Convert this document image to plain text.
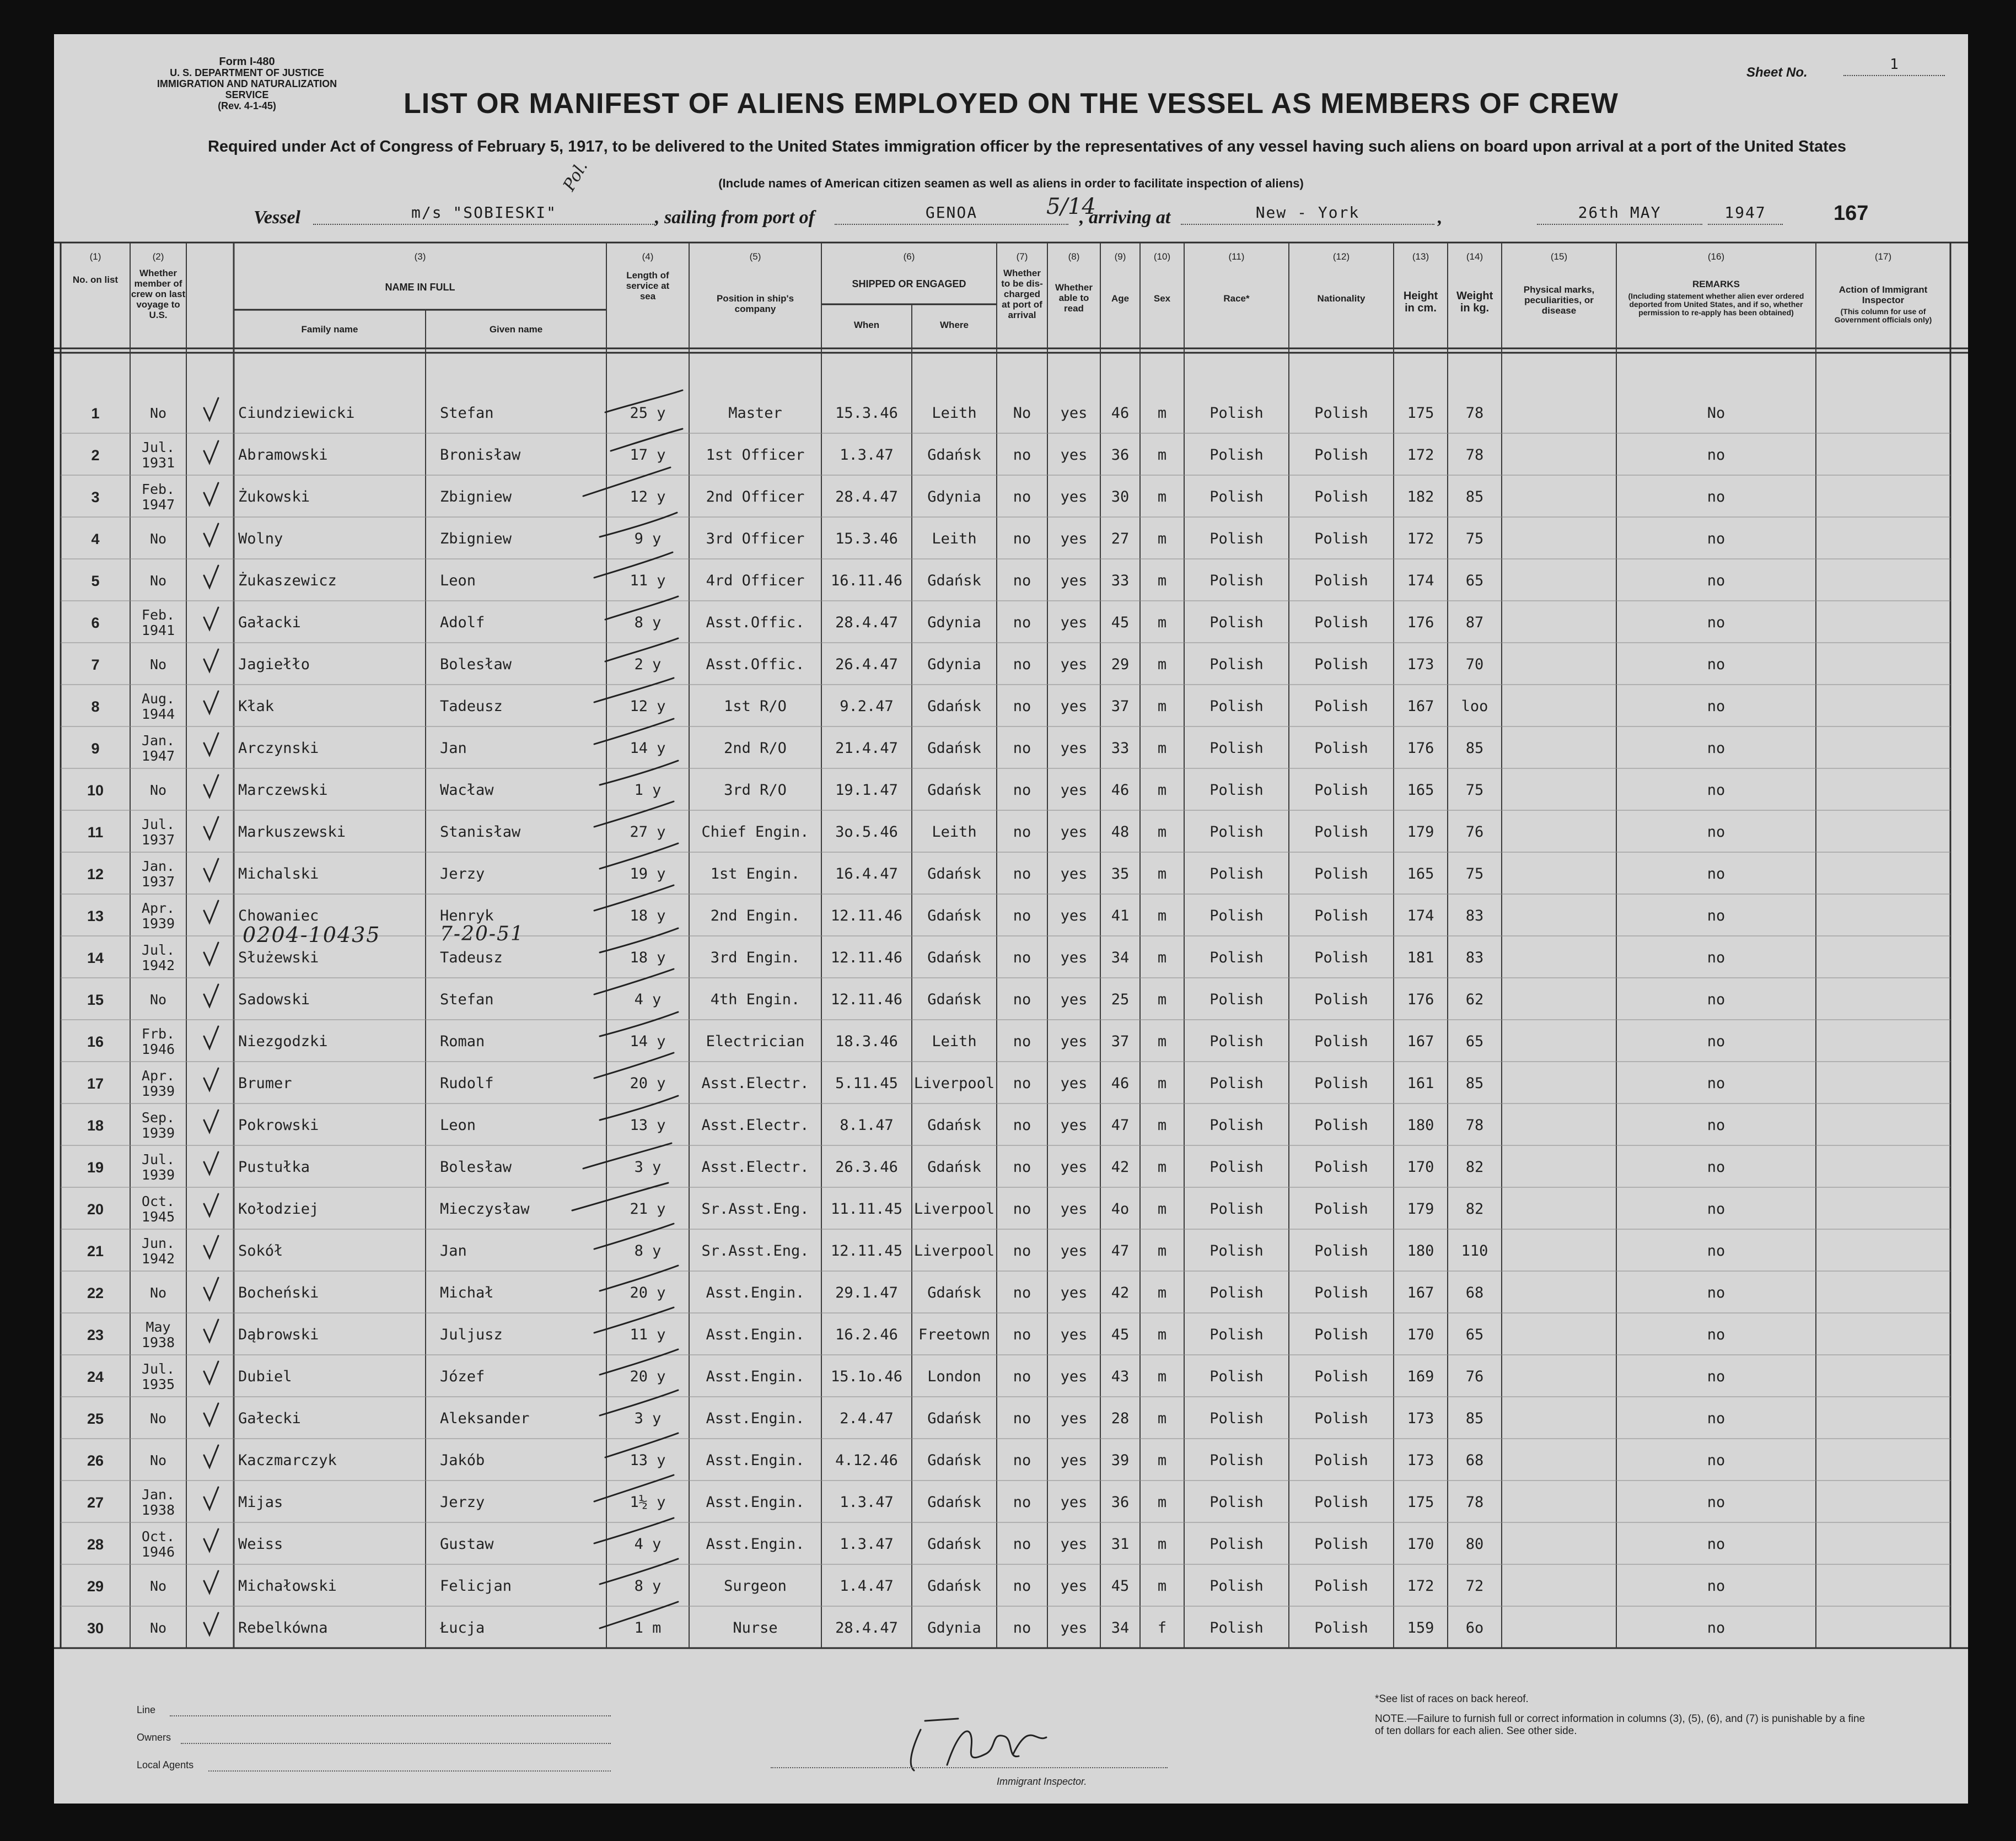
Form I-480
U. S. DEPARTMENT OF JUSTICE
IMMIGRATION AND NATURALIZATION SERVICE
(Rev. 4-1-45)
Sheet No.	1
LIST OR MANIFEST OF ALIENS EMPLOYED ON THE VESSEL AS MEMBERS OF CREW
Required under Act of Congress of February 5, 1917, to be delivered to the United States immigration officer by the representatives of any vessel having such aliens on board upon arrival at a port of the United States
(Include names of American citizen seamen as well as aliens in order to facilitate inspection of aliens)
Vessel	m/s "SOBIESKI"	, sailing from port of	GENOA	, arriving at	New - York	,	26th MAY	1947	167
Pol.
5/14
(1)
No. on list
(2)
Whether member of crew on last voyage to U.S.
(3)
NAME IN FULL
Family name	Given name
(4)
Length of service at sea
(5)
Position in ship's company
(6)
SHIPPED OR ENGAGED
When	Where
(7)
Whether to be dis-charged at port of arrival
(8)
Whether able to read
(9)
Age
(10)
Sex
(11)
Race*
(12)
Nationality
(13)
Height in cm.
(14)
Weight in kg.
(15)
Physical marks, peculiarities, or disease
(16)
REMARKS
(Including statement whether alien ever ordered deported from United States, and if so, whether permission to re-apply has been obtained)
(17)
Action of Immigrant Inspector
(This column for use of Government officials only)
1	No	Ciundziewicki	Stefan	25 y	Master	15.3.46	Leith	No	yes	46	m	Polish	Polish	175	78	No
2	Jul. 1931	Abramowski	Bronisław	17 y	1st Officer	1.3.47	Gdańsk	no	yes	36	m	Polish	Polish	172	78	no
3	Feb. 1947	Żukowski	Zbigniew	12 y	2nd Officer	28.4.47	Gdynia	no	yes	30	m	Polish	Polish	182	85	no
4	No	Wolny	Zbigniew	9 y	3rd Officer	15.3.46	Leith	no	yes	27	m	Polish	Polish	172	75	no
5	No	Żukaszewicz	Leon	11 y	4rd Officer	16.11.46	Gdańsk	no	yes	33	m	Polish	Polish	174	65	no
6	Feb. 1941	Gałacki	Adolf	8 y	Asst.Offic.	28.4.47	Gdynia	no	yes	45	m	Polish	Polish	176	87	no
7	No	Jagiełło	Bolesław	2 y	Asst.Offic.	26.4.47	Gdynia	no	yes	29	m	Polish	Polish	173	70	no
8	Aug. 1944	Kłak	Tadeusz	12 y	1st R/O	9.2.47	Gdańsk	no	yes	37	m	Polish	Polish	167	loo	no
9	Jan. 1947	Arczynski	Jan	14 y	2nd R/O	21.4.47	Gdańsk	no	yes	33	m	Polish	Polish	176	85	no
10	No	Marczewski	Wacław	1 y	3rd R/O	19.1.47	Gdańsk	no	yes	46	m	Polish	Polish	165	75	no
11	Jul. 1937	Markuszewski	Stanisław	27 y	Chief Engin.	3o.5.46	Leith	no	yes	48	m	Polish	Polish	179	76	no
12	Jan. 1937	Michalski	Jerzy	19 y	1st Engin.	16.4.47	Gdańsk	no	yes	35	m	Polish	Polish	165	75	no
13	Apr. 1939	Chowaniec	Henryk	18 y	2nd Engin.	12.11.46	Gdańsk	no	yes	41	m	Polish	Polish	174	83	no
14	Jul. 1942	Służewski	Tadeusz	18 y	3rd Engin.	12.11.46	Gdańsk	no	yes	34	m	Polish	Polish	181	83	no
15	No	Sadowski	Stefan	4 y	4th Engin.	12.11.46	Gdańsk	no	yes	25	m	Polish	Polish	176	62	no
16	Frb. 1946	Niezgodzki	Roman	14 y	Electrician	18.3.46	Leith	no	yes	37	m	Polish	Polish	167	65	no
17	Apr. 1939	Brumer	Rudolf	20 y	Asst.Electr.	5.11.45	Liverpool	no	yes	46	m	Polish	Polish	161	85	no
18	Sep. 1939	Pokrowski	Leon	13 y	Asst.Electr.	8.1.47	Gdańsk	no	yes	47	m	Polish	Polish	180	78	no
19	Jul. 1939	Pustułka	Bolesław	3 y	Asst.Electr.	26.3.46	Gdańsk	no	yes	42	m	Polish	Polish	170	82	no
20	Oct. 1945	Kołodziej	Mieczysław	21 y	Sr.Asst.Eng.	11.11.45 Liverpool	no	yes	4o	m	Polish	Polish	179	82	no
21	Jun. 1942	Sokół	Jan	8 y	Sr.Asst.Eng.	12.11.45 Liverpool	no	yes	47	m	Polish	Polish	180	110	no
22	No	Bocheński	Michał	20 y	Asst.Engin.	29.1.47	Gdańsk	no	yes	42	m	Polish	Polish	167	68	no
23	May 1938	Dąbrowski	Juljusz	11 y	Asst.Engin.	16.2.46	Freetown	no	yes	45	m	Polish	Polish	170	65	no
24	Jul. 1935	Dubiel	Józef	20 y	Asst.Engin.	15.1o.46	London	no	yes	43	m	Polish	Polish	169	76	no
25	No	Gałecki	Aleksander	3 y	Asst.Engin.	2.4.47	Gdańsk	no	yes	28	m	Polish	Polish	173	85	no
26	No	Kaczmarczyk	Jakób	13 y	Asst.Engin.	4.12.46	Gdańsk	no	yes	39	m	Polish	Polish	173	68	no
27	Jan. 1938	Mijas	Jerzy	1½ y	Asst.Engin.	1.3.47	Gdańsk	no	yes	36	m	Polish	Polish	175	78	no
28	Oct. 1946	Weiss	Gustaw	4 y	Asst.Engin.	1.3.47	Gdańsk	no	yes	31	m	Polish	Polish	170	80	no
29	No	Michałowski	Felicjan	8 y	Surgeon	1.4.47	Gdańsk	no	yes	45	m	Polish	Polish	172	72	no
30	No	Rebelkówna	Łucja	1 m	Nurse	28.4.47	Gdynia	no	yes	34	f	Polish	Polish	159	6o	no
0204-10435	7-20-51
Line
Owners
Local Agents
Immigrant Inspector.
*See list of races on back hereof.
NOTE.—Failure to furnish full or correct information in columns (3), (5), (6), and (7) is punishable by a fine of ten dollars for each alien. See other side.
